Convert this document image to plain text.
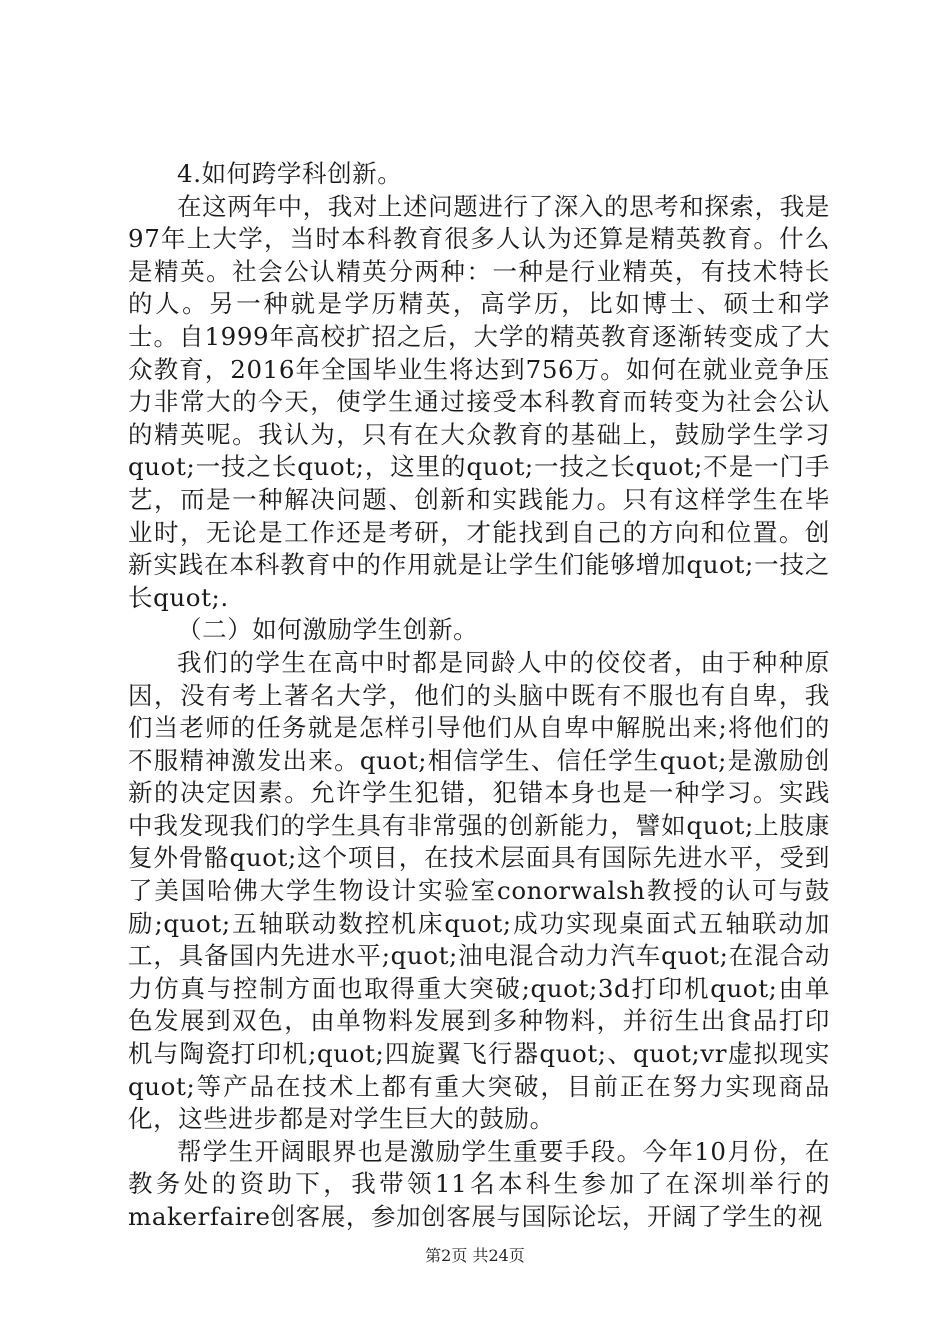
4.如何跨学科创新。

在这两年中，我对上述问题进行了深入的思考和探索，我是97年上大学，当时本科教育很多人认为还算是精英教育。什么是精英。社会公认精英分两种：一种是行业精英，有技术特长的人。另一种就是学历精英，高学历，比如博士、硕士和学士。自1999年高校扩招之后，大学的精英教育逐渐转变成了大众教育，2016年全国毕业生将达到756万。如何在就业竞争压力非常大的今天，使学生通过接受本科教育而转变为社会公认的精英呢。我认为，只有在大众教育的基础上，鼓励学生学习quot;一技之长quot;，这里的quot;一技之长quot;不是一门手艺，而是一种解决问题、创新和实践能力。只有这样学生在毕业时，无论是工作还是考研，才能找到自己的方向和位置。创新实践在本科教育中的作用就是让学生们能够增加quot;一技之长quot;.

（二）如何激励学生创新。

我们的学生在高中时都是同龄人中的佼佼者，由于种种原因，没有考上著名大学，他们的头脑中既有不服也有自卑，我们当老师的任务就是怎样引导他们从自卑中解脱出来;将他们的不服精神激发出来。quot;相信学生、信任学生quot;是激励创新的决定因素。允许学生犯错，犯错本身也是一种学习。实践中我发现我们的学生具有非常强的创新能力，譬如quot;上肢康复外骨骼quot;这个项目，在技术层面具有国际先进水平，受到了美国哈佛大学生物设计实验室conorwalsh教授的认可与鼓励;quot;五轴联动数控机床quot;成功实现桌面式五轴联动加工，具备国内先进水平;quot;油电混合动力汽车quot;在混合动力仿真与控制方面也取得重大突破;quot;3d打印机quot;由单色发展到双色，由单物料发展到多种物料，并衍生出食品打印机与陶瓷打印机;quot;四旋翼飞行器quot;、quot;vr虚拟现实quot;等产品在技术上都有重大突破，目前正在努力实现商品化，这些进步都是对学生巨大的鼓励。

帮学生开阔眼界也是激励学生重要手段。今年10月份，在教务处的资助下，我带领11名本科生参加了在深圳举行的makerfaire创客展，参加创客展与国际论坛，开阔了学生的视

第2页 共24页
